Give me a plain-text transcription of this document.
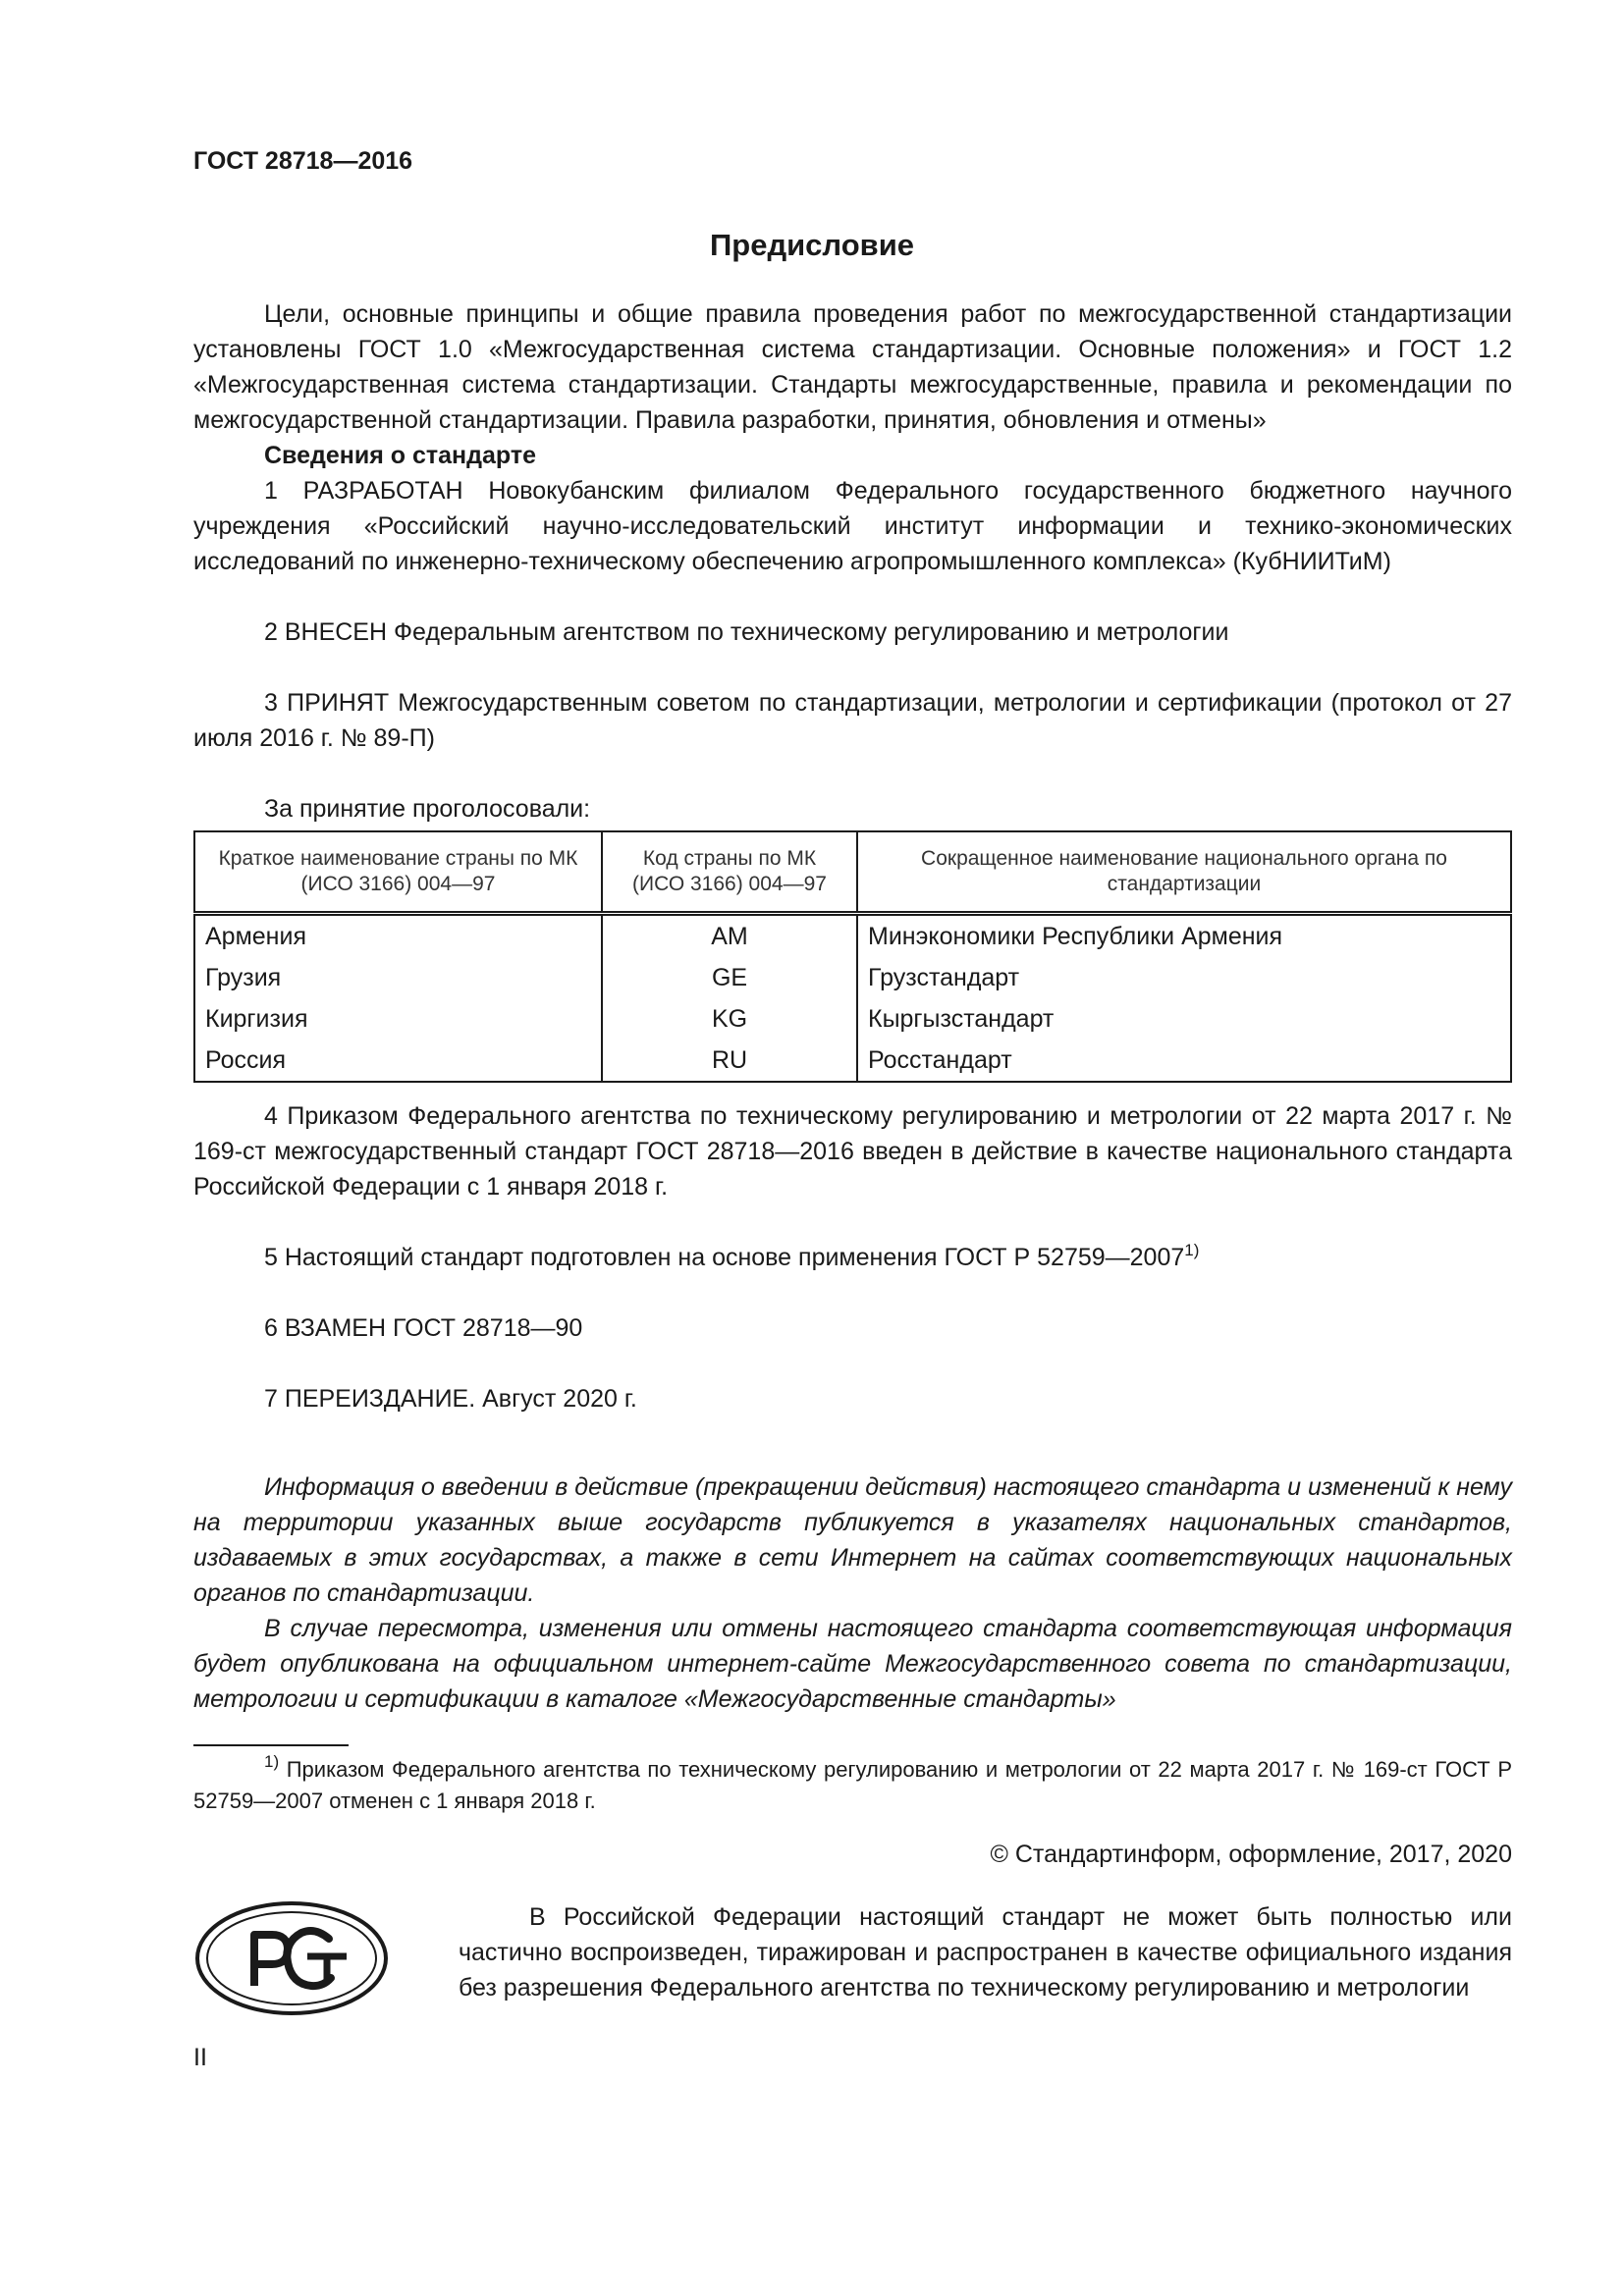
ГОСТ 28718—2016
Предисловие

Цели, основные принципы и общие правила проведения работ по межгосударственной стандартизации установлены ГОСТ 1.0 «Межгосударственная система стандартизации. Основные положения» и ГОСТ 1.2 «Межгосударственная система стандартизации. Стандарты межгосударственные, правила и рекомендации по межгосударственной стандартизации. Правила разработки, принятия, обновления и отмены»

Сведения о стандарте

1 РАЗРАБОТАН Новокубанским филиалом Федерального государственного бюджетного научного учреждения «Российский научно-исследовательский институт информации и технико-экономических исследований по инженерно-техническому обеспечению агропромышленного комплекса» (КубНИИТиМ)

2 ВНЕСЕН Федеральным агентством по техническому регулированию и метрологии

3 ПРИНЯТ Межгосударственным советом по стандартизации, метрологии и сертификации (протокол от 27 июля 2016 г. № 89-П)

За принятие проголосовали:

Краткое наименование страны по МК (ИСО 3166) 004—97	Код страны по МК (ИСО 3166) 004—97	Сокращенное наименование национального органа по стандартизации
Армения	AM	Минэкономики Республики Армения
Грузия	GE	Грузстандарт
Киргизия	KG	Кыргызстандарт
Россия	RU	Росстандарт

4 Приказом Федерального агентства по техническому регулированию и метрологии от 22 марта 2017 г. № 169-ст межгосударственный стандарт ГОСТ 28718—2016 введен в действие в качестве национального стандарта Российской Федерации с 1 января 2018 г.

5 Настоящий стандарт подготовлен на основе применения ГОСТ Р 52759—2007$^{1)}$

6 ВЗАМЕН ГОСТ 28718—90

7 ПЕРЕИЗДАНИЕ. Август 2020 г.

Информация о введении в действие (прекращении действия) настоящего стандарта и изменений к нему на территории указанных выше государств публикуется в указателях национальных стандартов, издаваемых в этих государствах, а также в сети Интернет на сайтах соответствующих национальных органов по стандартизации.

В случае пересмотра, изменения или отмены настоящего стандарта соответствующая информация будет опубликована на официальном интернет-сайте Межгосударственного совета по стандартизации, метрологии и сертификации в каталоге «Межгосударственные стандарты»

$^{1)}$ Приказом Федерального агентства по техническому регулированию и метрологии от 22 марта 2017 г. № 169-ст ГОСТ Р 52759—2007 отменен с 1 января 2018 г.
© Стандартинформ, оформление, 2017, 2020
В Российской Федерации настоящий стандарт не может быть полностью или частично воспроизведен, тиражирован и распространен в качестве официального издания без разрешения Федерального агентства по техническому регулированию и метрологии
II
